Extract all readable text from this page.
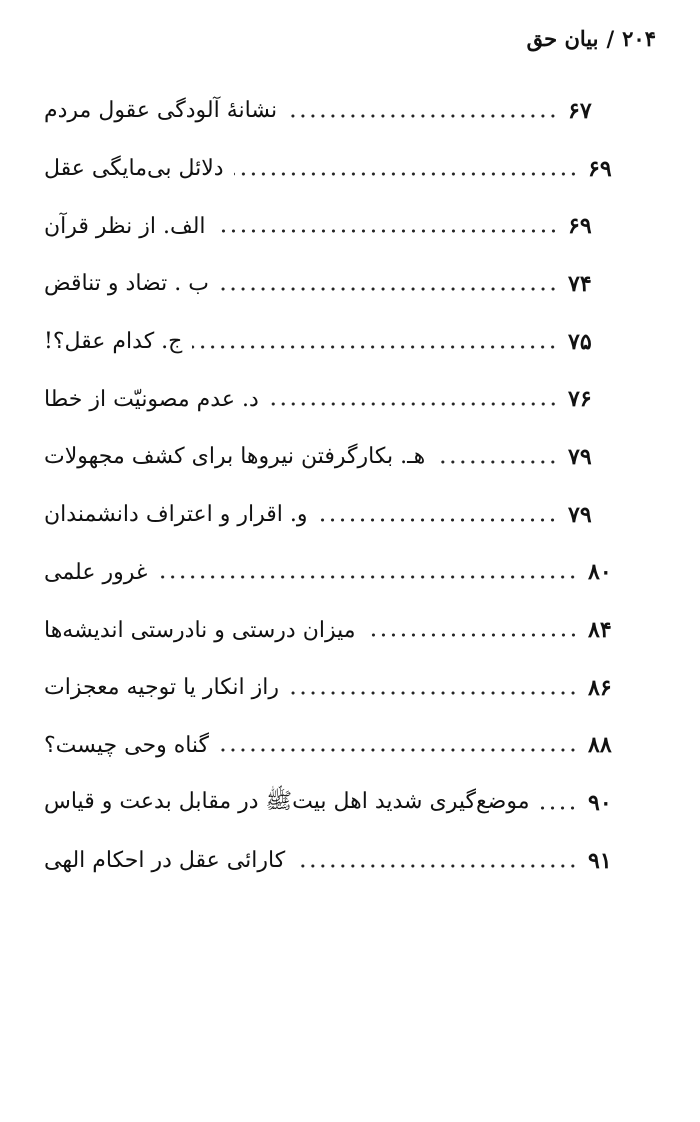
۲۰۴/بیان حق
نشانهٔ آلودگی عقول مردم	۶۷
دلائل بی‌مایگی عقل	۶۹
الف. از نظر قرآن	۶۹
ب . تضاد و تناقض	۷۴
ج. کدام عقل؟!	۷۵
د. عدم مصونیّت از خطا	۷۶
هـ. بکارگرفتن نیروها برای کشف مجهولات	۷۹
و. اقرار و اعتراف دانشمندان	۷۹
غرور علمی	۸۰
میزان درستی و نادرستی اندیشه‌ها	۸۴
راز انکار یا توجیه معجزات	۸۶
گناه وحی چیست؟	۸۸
موضع‌گیری شدید اهل بیتﷺ در مقابل بدعت و قیاس	۹۰
کارائی عقل در احکام الهی	۹۱
